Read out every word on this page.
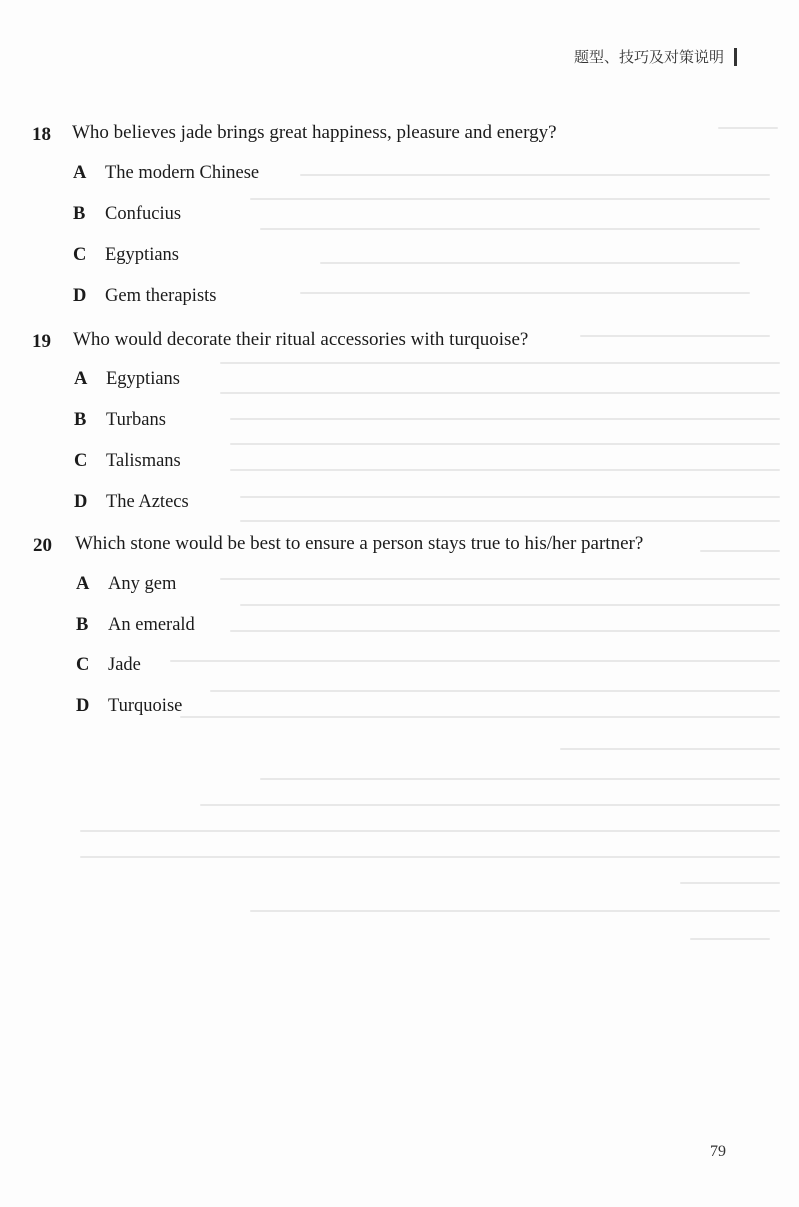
题型、技巧及对策说明
18 Who believes jade brings great happiness, pleasure and energy?
A The modern Chinese
B Confucius
C Egyptians
D Gem therapists
19 Who would decorate their ritual accessories with turquoise?
A Egyptians
B Turbans
C Talismans
D The Aztecs
20 Which stone would be best to ensure a person stays true to his/her partner?
A Any gem
B An emerald
C Jade
D Turquoise
79
